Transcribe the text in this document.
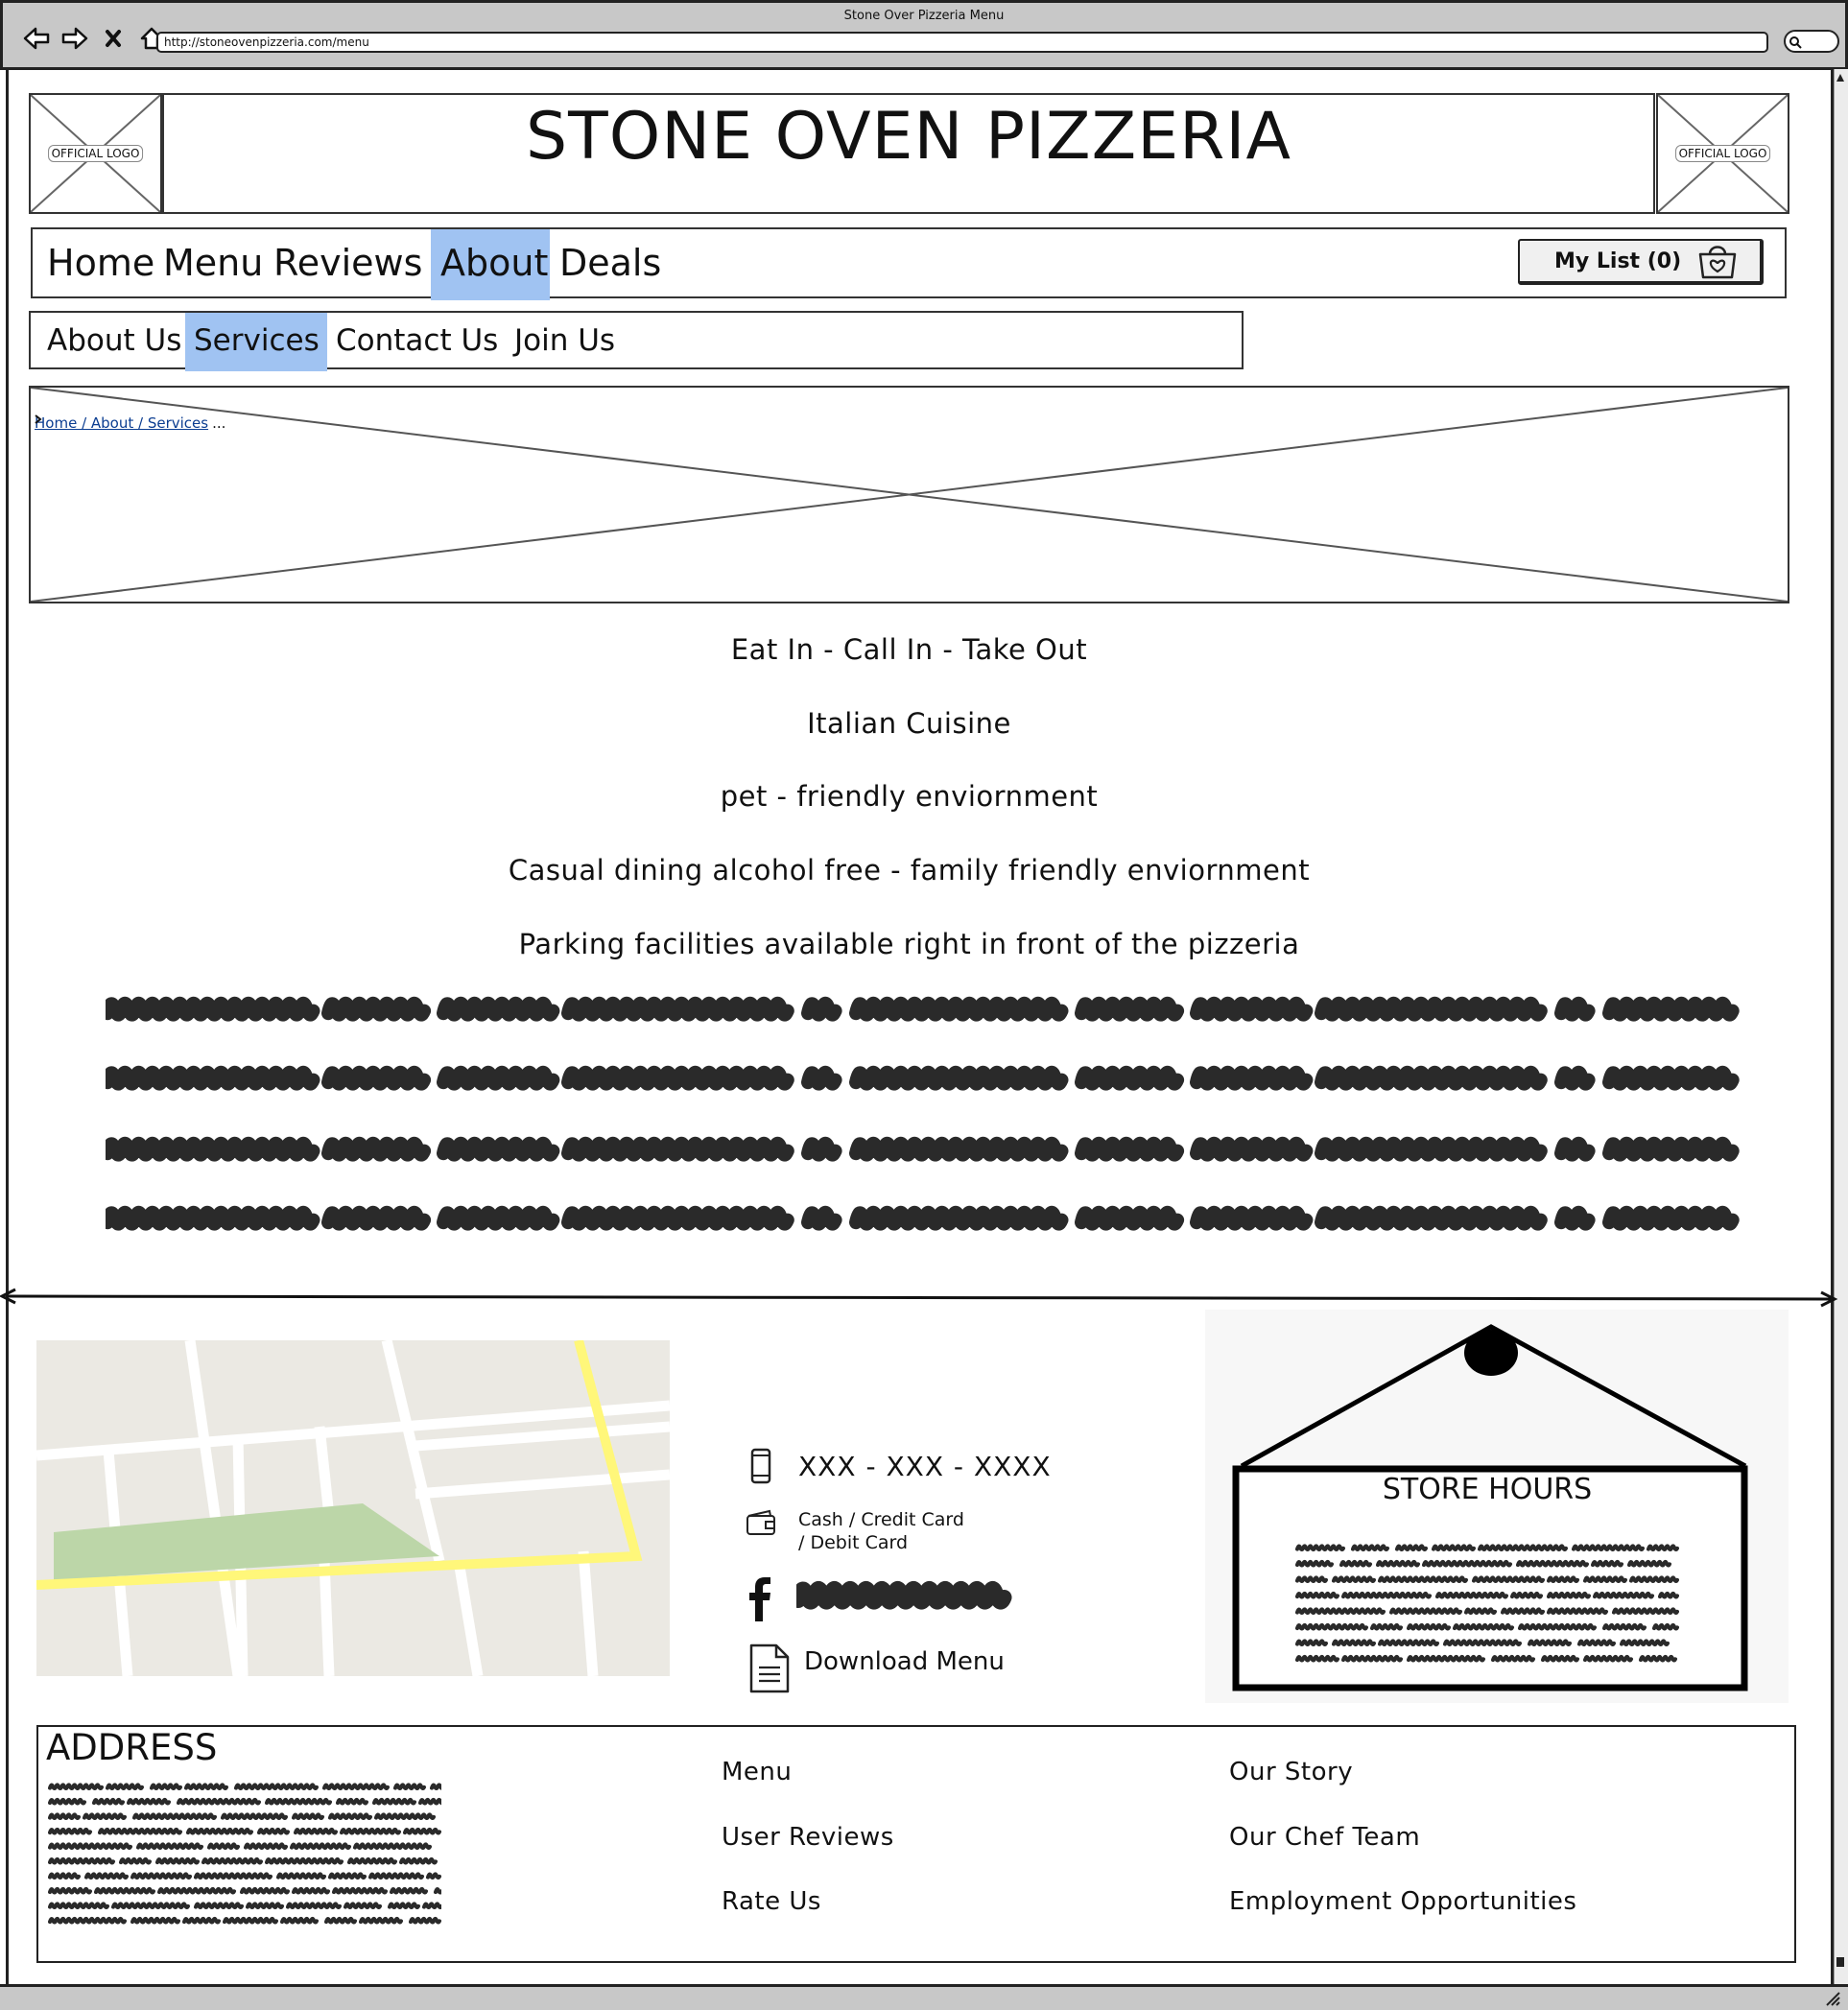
Stone Over Pizzeria Menu
http://stoneovenpizzeria.com/menu
OFFICIAL LOGO	STONE OVEN PIZZERIA	OFFICIAL LOGO
Home Menu Reviews About Deals	My List (0)
About Us Services Contact Us Join Us
Home / About / Services ...
Eat In - Call In - Take Out
Italian Cuisine
pet - friendly enviornment
Casual dining alcohol free - family friendly enviornment
Parking facilities available right in front of the pizzeria
XXX - XXX - XXXX
Cash / Credit Card
/ Debit Card
Download Menu
STORE HOURS
ADDRESS
Menu
User Reviews
Rate Us
Our Story
Our Chef Team
Employment Opportunities
